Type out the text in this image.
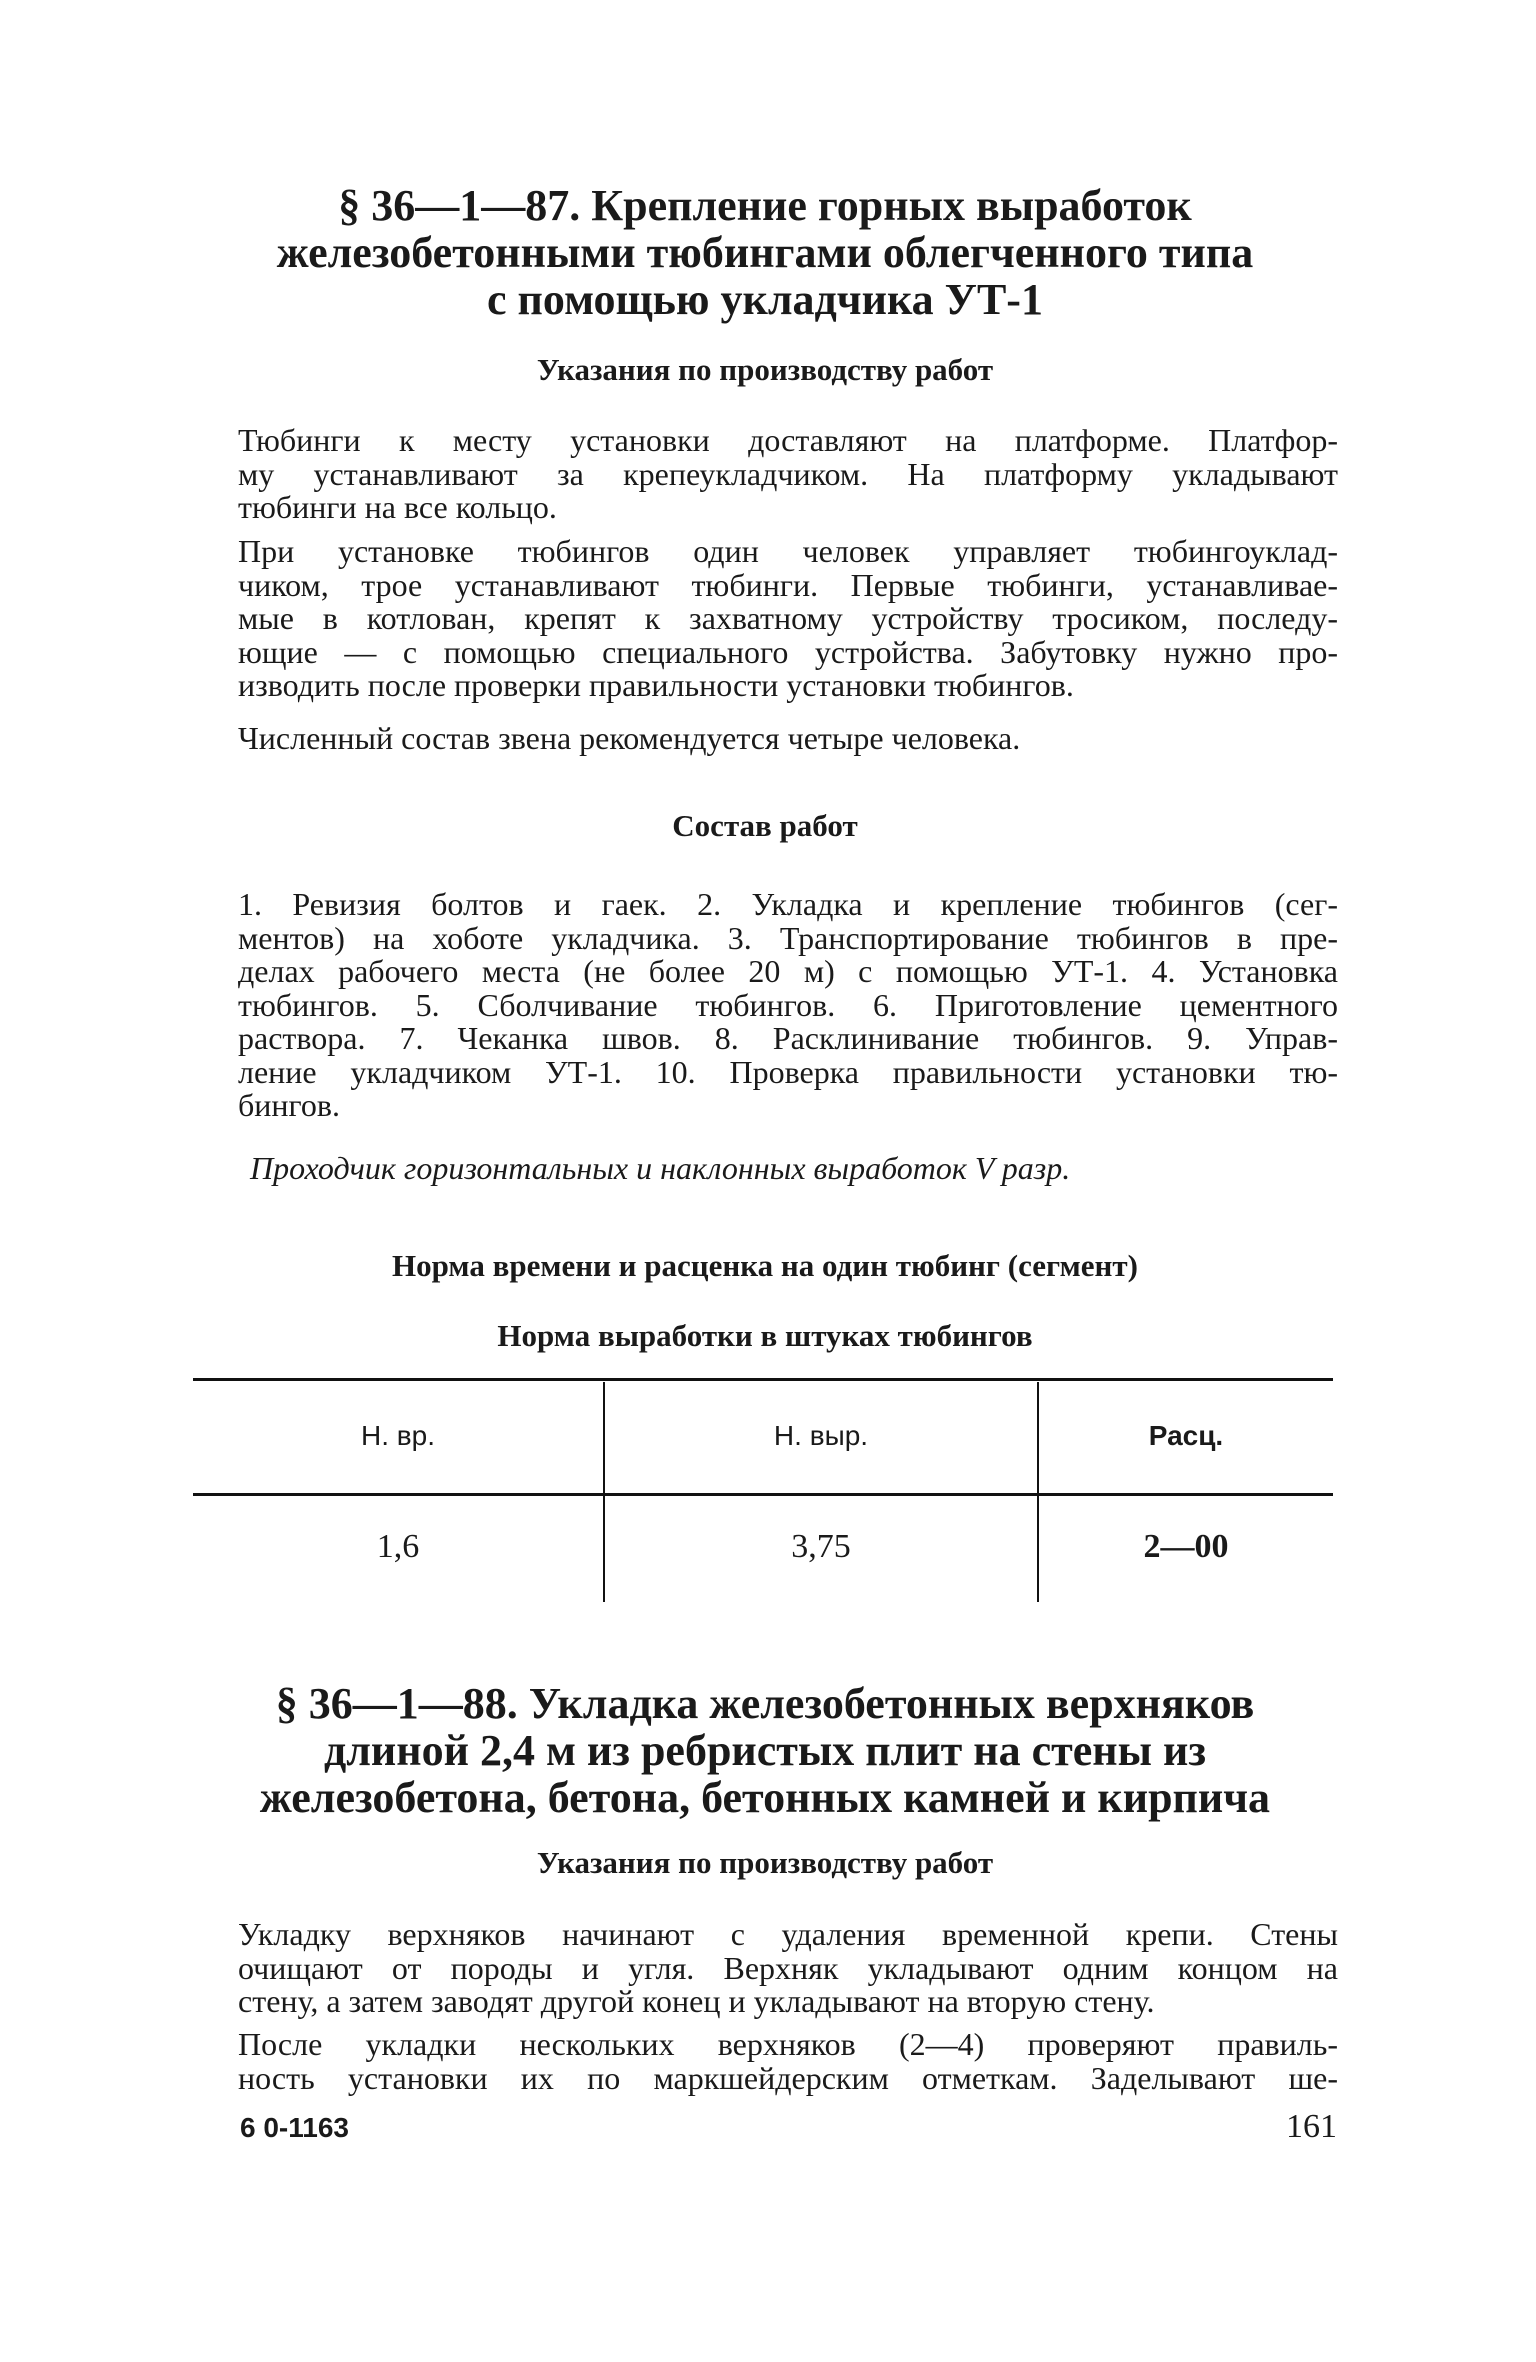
§ 36—1—87. Крепление горных выработок
железобетонными тюбингами облегченного типа
с помощью укладчика УТ-1
Указания по производству работ
Тюбинги к месту установки доставляют на платформе. Платфор-
му устанавливают за крепеукладчиком. На платформу укладывают
тюбинги на все кольцо.
При установке тюбингов один человек управляет тюбингоуклад-
чиком, трое устанавливают тюбинги. Первые тюбинги, устанавливае-
мые в котлован, крепят к захватному устройству тросиком, последу-
ющие — с помощью специального устройства. Забутовку нужно про-
изводить после проверки правильности установки тюбингов.
Численный состав звена рекомендуется четыре человека.
Состав работ
1. Ревизия болтов и гаек. 2. Укладка и крепление тюбингов (сег-
ментов) на хоботе укладчика. 3. Транспортирование тюбингов в пре-
делах рабочего места (не более 20 м) с помощью УТ-1. 4. Установка
тюбингов. 5. Сболчивание тюбингов. 6. Приготовление цементного
раствора. 7. Чеканка швов. 8. Расклинивание тюбингов. 9. Управ-
ление укладчиком УТ-1. 10. Проверка правильности установки тю-
бингов.
Проходчик горизонтальных и наклонных выработок V разр.
Норма времени и расценка на один тюбинг (сегмент)
Норма выработки в штуках тюбингов
Н. вр.	Н. выр.	Расц.
1,6	3,75	2—00
§ 36—1—88. Укладка железобетонных верхняков
длиной 2,4 м из ребристых плит на стены из
железобетона, бетона, бетонных камней и кирпича
Указания по производству работ
Укладку верхняков начинают с удаления временной крепи. Стены
очищают от породы и угля. Верхняк укладывают одним концом на
стену, а затем заводят другой конец и укладывают на вторую стену.
После укладки нескольких верхняков (2—4) проверяют правиль-
ность установки их по маркшейдерским отметкам. Заделывают ше-
6 0-1163	161
